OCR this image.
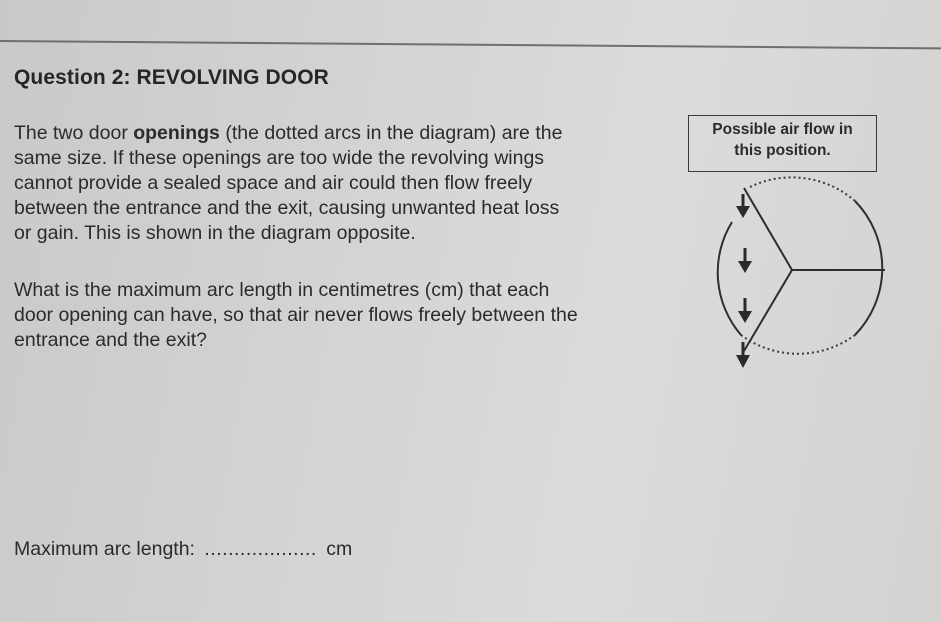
Question 2: REVOLVING DOOR
The two door openings (the dotted arcs in the diagram) are the
same size. If these openings are too wide the revolving wings
cannot provide a sealed space and air could then flow freely
between the entrance and the exit, causing unwanted heat loss
or gain. This is shown in the diagram opposite.
What is the maximum arc length in centimetres (cm) that each
door opening can have, so that air never flows freely between the
entrance and the exit?
Maximum arc length: ................... cm
Possible air flow in
this position.
